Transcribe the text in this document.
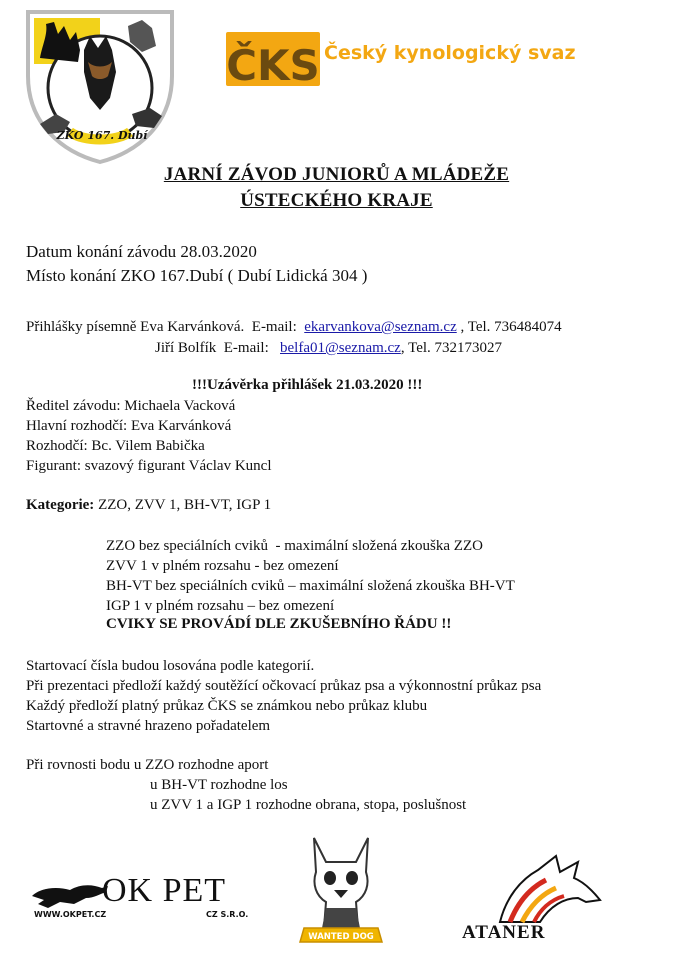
ZKO 167. Dubí
ČKS Český kynologický svaz
JARNÍ ZÁVOD JUNIORŮ A MLÁDEŽE
ÚSTECKÉHO KRAJE
Datum konání závodu 28.03.2020
Místo konání ZKO 167.Dubí ( Dubí Lidická 304 )
Přihlášky písemně Eva Karvánková.  E-mail:  ekarvankova@seznam.cz , Tel. 736484074
Jiří Bolfík  E-mail:   belfa01@seznam.cz, Tel. 732173027
!!!Uzávěrka přihlášek 21.03.2020 !!!
Ředitel závodu: Michaela Vacková
Hlavní rozhodčí: Eva Karvánková
Rozhodčí: Bc. Vilem Babička
Figurant: svazový figurant Václav Kuncl
Kategorie: ZZO, ZVV 1, BH-VT, IGP 1
ZZO bez speciálních cviků  - maximální složená zkouška ZZO
ZVV 1 v plném rozsahu - bez omezení
BH-VT bez speciálních cviků – maximální složená zkouška BH-VT
IGP 1 v plném rozsahu – bez omezení
CVIKY SE PROVÁDÍ DLE ZKUŠEBNÍHO ŘÁDU !!
Startovací čísla budou losována podle kategorií.
Při prezentaci předloží každý soutěžící očkovací průkaz psa a výkonnostní průkaz psa
Každý předloží platný průkaz ČKS se známkou nebo průkaz klubu
Startovné a stravné hrazeno pořadatelem
Při rovnosti bodu u ZZO rozhodne aport
u BH-VT rozhodne los
u ZVV 1 a IGP 1 rozhodne obrana, stopa, poslušnost
OK PET
WWW.OKPET.CZ	CZ S.R.O.
WANTED DOG	ATANER
